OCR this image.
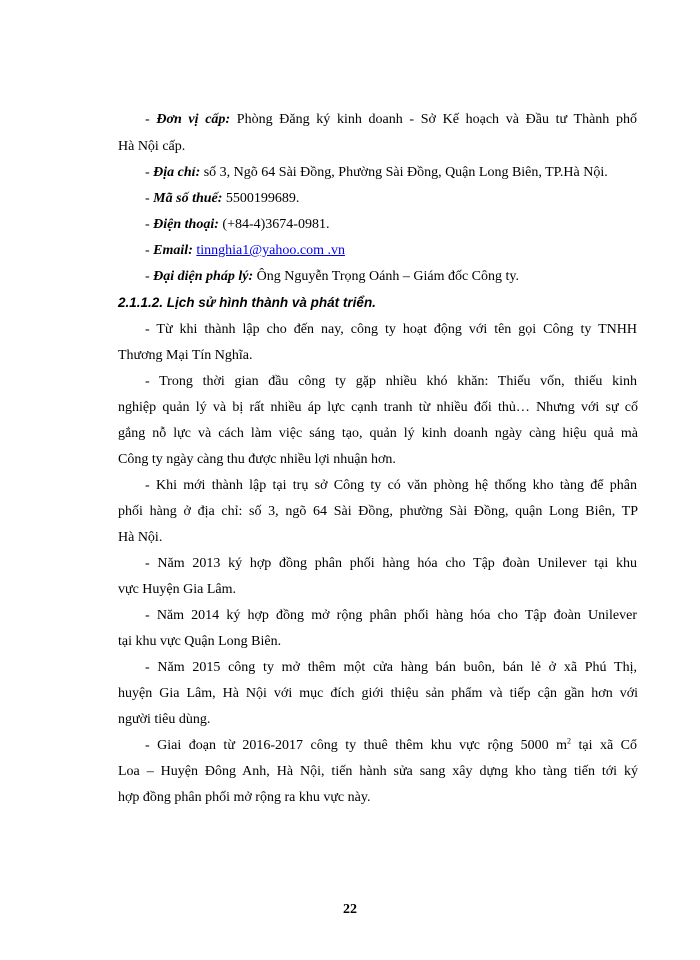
- Đơn vị cấp: Phòng Đăng ký kinh doanh - Sở Kế hoạch và Đầu tư Thành phố
Hà Nội cấp.
- Địa chỉ: số 3, Ngõ 64 Sài Đồng, Phường Sài Đồng, Quận Long Biên, TP.Hà Nội.
- Mã số thuế: 5500199689.
- Điện thoại: (+84-4)3674-0981.
- Email: tinnghia1@yahoo.com .vn
- Đại diện pháp lý: Ông Nguyễn Trọng Oánh – Giám đốc Công ty.
2.1.1.2. Lịch sử hình thành và phát triển.
- Từ khi thành lập cho đến nay, công ty hoạt động với tên gọi Công ty TNHH
Thương Mại Tín Nghĩa.
- Trong thời gian đầu công ty gặp nhiều khó khăn: Thiếu vốn, thiếu kinh
nghiệp quản lý và bị rất nhiều áp lực cạnh tranh từ nhiều đối thủ… Nhưng với sự cố
gắng nỗ lực và cách làm việc sáng tạo, quản lý kinh doanh ngày càng hiệu quả mà
Công ty ngày càng thu được nhiều lợi nhuận hơn.
- Khi mới thành lập tại trụ sở Công ty có văn phòng hệ thống kho tàng để phân
phối hàng ở địa chỉ: số 3, ngõ 64 Sài Đồng, phường Sài Đồng, quận Long Biên, TP
Hà Nội.
- Năm 2013 ký hợp đồng phân phối hàng hóa cho Tập đoàn Unilever tại khu
vực Huyện Gia Lâm.
- Năm 2014 ký hợp đồng mở rộng phân phối hàng hóa cho Tập đoàn Unilever
tại khu vực Quận Long Biên.
- Năm 2015 công ty mở thêm một cửa hàng bán buôn, bán lẻ ở xã Phú Thị,
huyện Gia Lâm, Hà Nội với mục đích giới thiệu sản phẩm và tiếp cận gần hơn với
người tiêu dùng.
- Giai đoạn từ 2016-2017 công ty thuê thêm khu vực rộng 5000 $m^2$ tại xã Cổ
Loa – Huyện Đông Anh, Hà Nội, tiến hành sửa sang xây dựng kho tàng tiến tới ký
hợp đồng phân phối mở rộng ra khu vực này.
22
